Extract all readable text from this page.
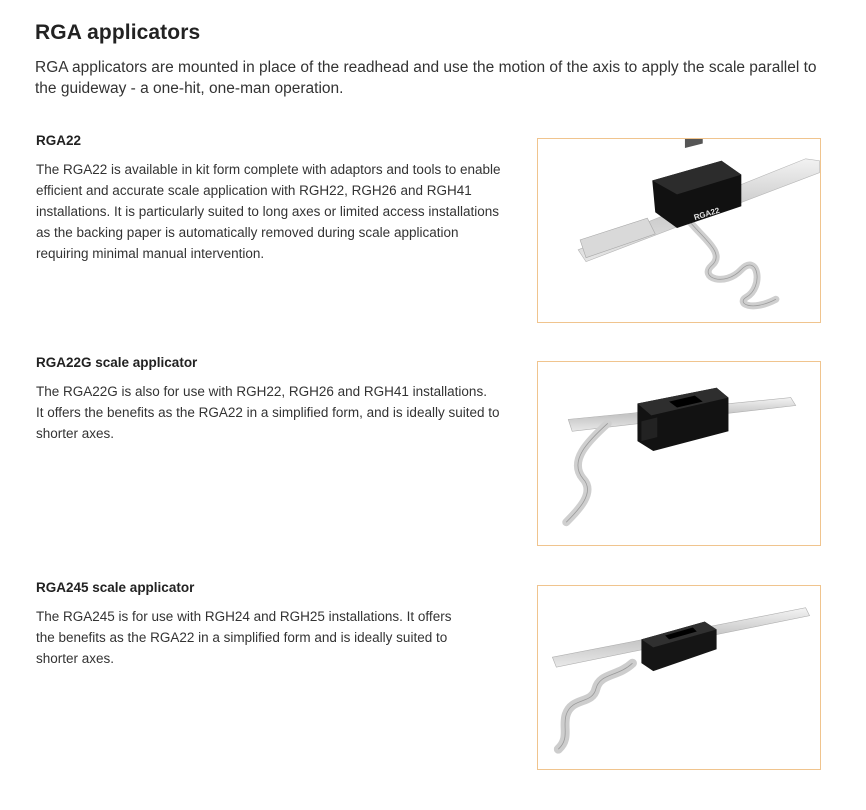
RGA applicators

RGA applicators are mounted in place of the readhead and use the motion of the axis to apply the scale parallel to the guideway - a one-hit, one-man operation.

RGA22

The RGA22 is available in kit form complete with adaptors and tools to enable
efficient and accurate scale application with RGH22, RGH26 and RGH41
installations. It is particularly suited to long axes or limited access installations
as the backing paper is automatically removed during scale application
requiring minimal manual intervention.

RGA22
RGA22G scale applicator

The RGA22G is also for use with RGH22, RGH26 and RGH41 installations.
It offers the benefits as the RGA22 in a simplified form, and is ideally suited to
shorter axes.

RGA245 scale applicator

The RGA245 is for use with RGH24 and RGH25 installations. It offers
the benefits as the RGA22 in a simplified form and is ideally suited to
shorter axes.
